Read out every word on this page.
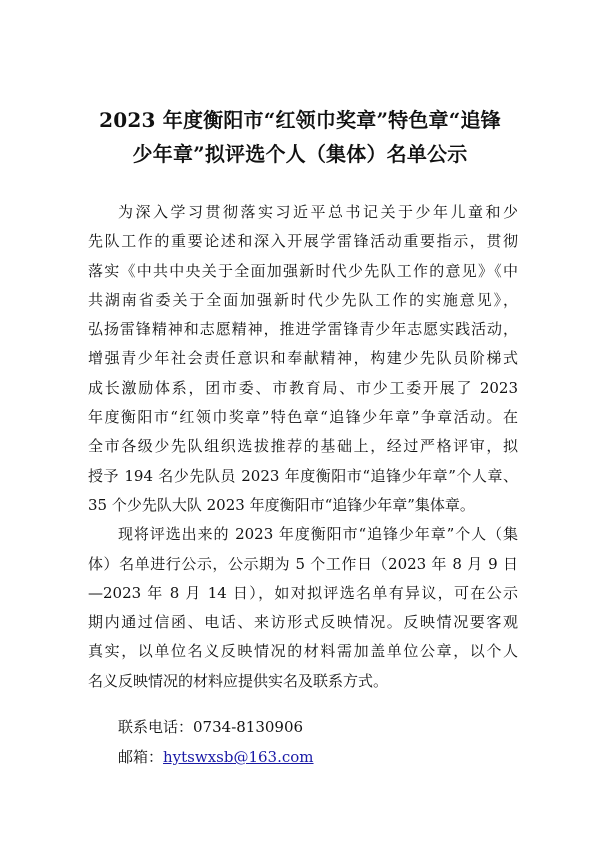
2023 年度衡阳市“红领巾奖章”特色章“追锋
少年章”拟评选个人（集体）名单公示
为深入学习贯彻落实习近平总书记关于少年儿童和少
先队工作的重要论述和深入开展学雷锋活动重要指示，贯彻
落实《中共中央关于全面加强新时代少先队工作的意见》《中
共湖南省委关于全面加强新时代少先队工作的实施意见》，
弘扬雷锋精神和志愿精神，推进学雷锋青少年志愿实践活动，
增强青少年社会责任意识和奉献精神，构建少先队员阶梯式
成长激励体系，团市委、市教育局、市少工委开展了 2023
年度衡阳市“红领巾奖章”特色章“追锋少年章”争章活动。在
全市各级少先队组织选拔推荐的基础上，经过严格评审，拟
授予 194 名少先队员 2023 年度衡阳市“追锋少年章”个人章、
35 个少先队大队 2023 年度衡阳市“追锋少年章”集体章。
现将评选出来的 2023 年度衡阳市“追锋少年章”个人（集
体）名单进行公示，公示期为 5 个工作日（2023 年 8 月 9 日
—2023 年 8 月 14 日），如对拟评选名单有异议，可在公示
期内通过信函、电话、来访形式反映情况。反映情况要客观
真实，以单位名义反映情况的材料需加盖单位公章，以个人
名义反映情况的材料应提供实名及联系方式。
联系电话：0734-8130906
邮箱：hytswxsb@163.com
